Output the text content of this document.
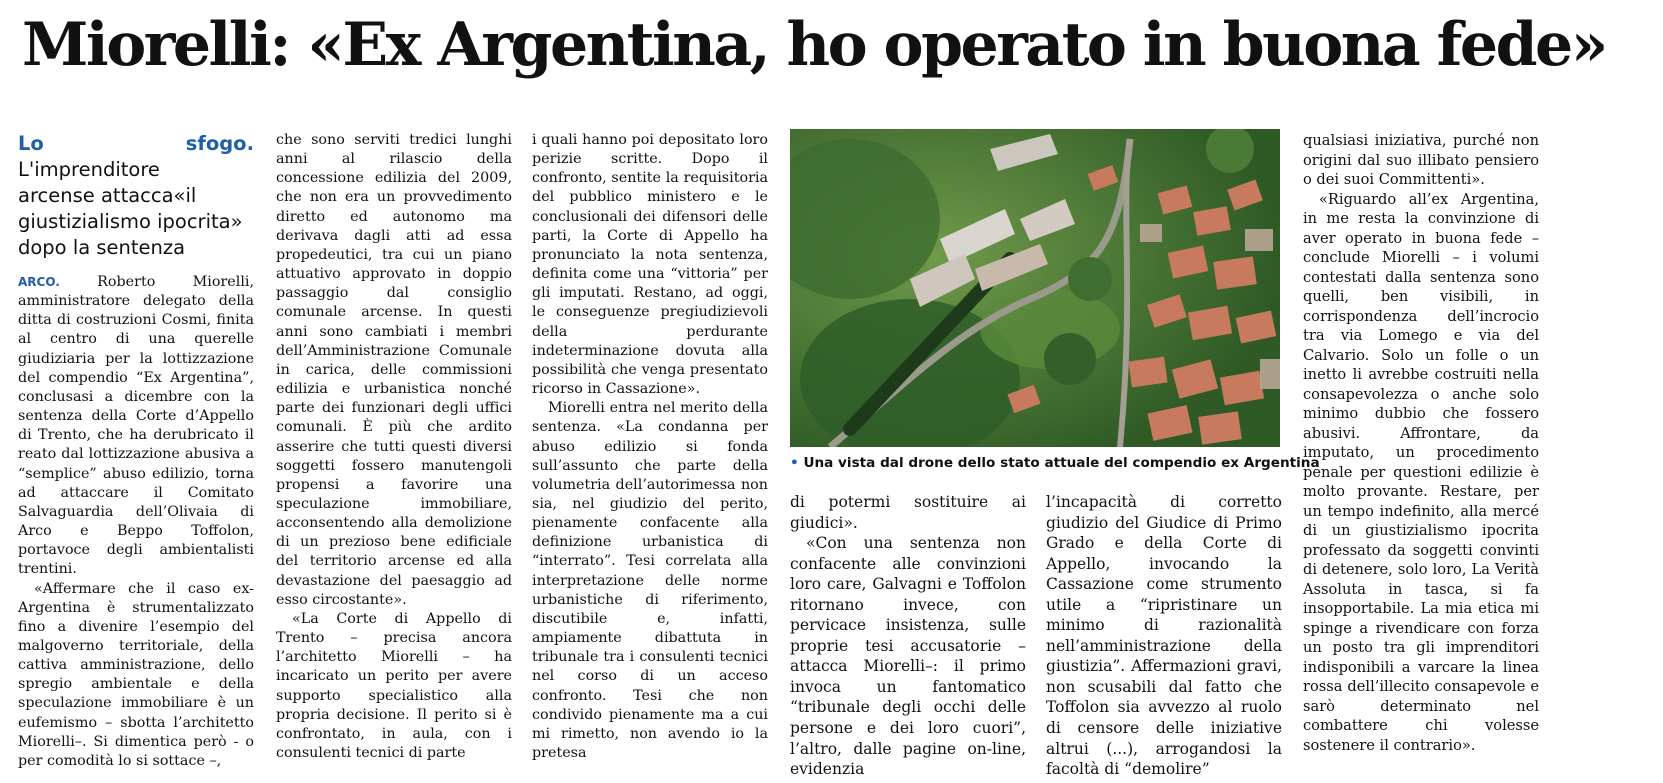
Miorelli: «Ex Argentina, ho operato in buona fede»
Lo sfogo. L'imprenditore
arcense attacca«il
giustizialismo ipocrita»
dopo la sentenza

ARCO.	Roberto Miorelli, amministratore delegato della ditta di costruzioni Cosmi, finita al centro di una querelle giudiziaria per la lottizzazione del compendio “Ex Argentina”, conclusasi a dicembre con la sentenza della Corte d’Appello di Trento, che ha derubricato il reato dal lottizzazione abusiva a “semplice” abuso edilizio, torna ad attaccare il Comitato Salvaguardia dell’Olivaia di Arco e Beppo Toffolon, portavoce degli ambientalisti trentini.

«Affermare che il caso ex-Argentina è strumentalizzato fino a divenire l’esempio del malgoverno territoriale, della cattiva amministrazione, dello spregio ambientale e della speculazione immobiliare è un eufemismo – sbotta l’architetto Miorelli–. Si dimentica però - o per comodità lo si sottace –,

che sono serviti tredici lunghi anni al rilascio della concessione edilizia del 2009, che non era un provvedimento diretto ed autonomo ma derivava dagli atti ad essa propedeutici, tra cui un piano attuativo approvato in doppio passaggio dal consiglio comunale arcense. In questi anni sono cambiati i membri dell’Amministrazione Comunale in carica, delle commissioni edilizia e urbanistica nonché parte dei funzionari degli uffici comunali. È più che ardito asserire che tutti questi diversi soggetti fossero manutengoli propensi a favorire una speculazione immobiliare, acconsentendo alla demolizione di un prezioso bene edificiale del territorio arcense ed alla devastazione del paesaggio ad esso circostante».

«La Corte di Appello di Trento – precisa ancora l’architetto Miorelli – ha incaricato un perito per avere supporto specialistico alla propria decisione. Il perito si è confrontato, in aula, con i consulenti tecnici di parte

i quali hanno poi depositato loro perizie scritte. Dopo il confronto, sentite la requisitoria del pubblico ministero e le conclusionali dei difensori delle parti, la Corte di Appello ha pronunciato la nota sentenza, definita come una “vittoria” per gli imputati. Restano, ad oggi, le conseguenze pregiudizievoli della perdurante indeterminazione dovuta alla possibilità che venga presentato ricorso in Cassazione».

Miorelli entra nel merito della sentenza. «La condanna per abuso edilizio si fonda sull’assunto che parte della volumetria dell’autorimessa non sia, nel giudizio del perito, pienamente confacente alla definizione urbanistica di “interrato”. Tesi correlata alla interpretazione delle norme urbanistiche di riferimento, discutibile e, infatti, ampiamente dibattuta in tribunale tra i consulenti tecnici nel corso di un acceso confronto. Tesi che non condivido pienamente ma a cui mi rimetto, non avendo io la pretesa

• Una vista dal drone dello stato attuale del compendio ex Argentina

di potermi sostituire ai giudici».

«Con una sentenza non confacente alle convinzioni loro care, Galvagni e Toffolon ritornano invece, con pervicace insistenza, sulle proprie tesi accusatorie – attacca Miorelli–: il primo invoca un fantomatico “tribunale degli occhi delle persone e dei loro cuori”, l’altro, dalle pagine on-line, evidenzia

l’incapacità di corretto giudizio del Giudice di Primo Grado e della Corte di Appello, invocando la Cassazione come strumento utile a “ripristinare un minimo di razionalità nell’amministrazione della giustizia”. Affermazioni gravi, non scusabili dal fatto che Toffolon sia avvezzo al ruolo di censore delle iniziative altrui (...), arrogandosi la facoltà di “demolire”

qualsiasi iniziativa, purché non origini dal suo illibato pensiero o dei suoi Committenti».

«Riguardo all’ex Argentina, in me resta la convinzione di aver operato in buona fede – conclude Miorelli – i volumi contestati dalla sentenza sono quelli, ben visibili, in corrispondenza dell’incrocio tra via Lomego e via del Calvario. Solo un folle o un inetto li avrebbe costruiti nella consapevolezza o anche solo minimo dubbio che fossero abusivi. Affrontare, da imputato, un procedimento penale per questioni edilizie è molto provante. Restare, per un tempo indefinito, alla mercé di un giustizialismo ipocrita professato da soggetti convinti di detenere, solo loro, La Verità Assoluta in tasca, si fa insopportabile. La mia etica mi spinge a rivendicare con forza un posto tra gli imprenditori indisponibili a varcare la linea rossa dell’illecito consapevole e sarò determinato nel combattere chi volesse sostenere il contrario».
